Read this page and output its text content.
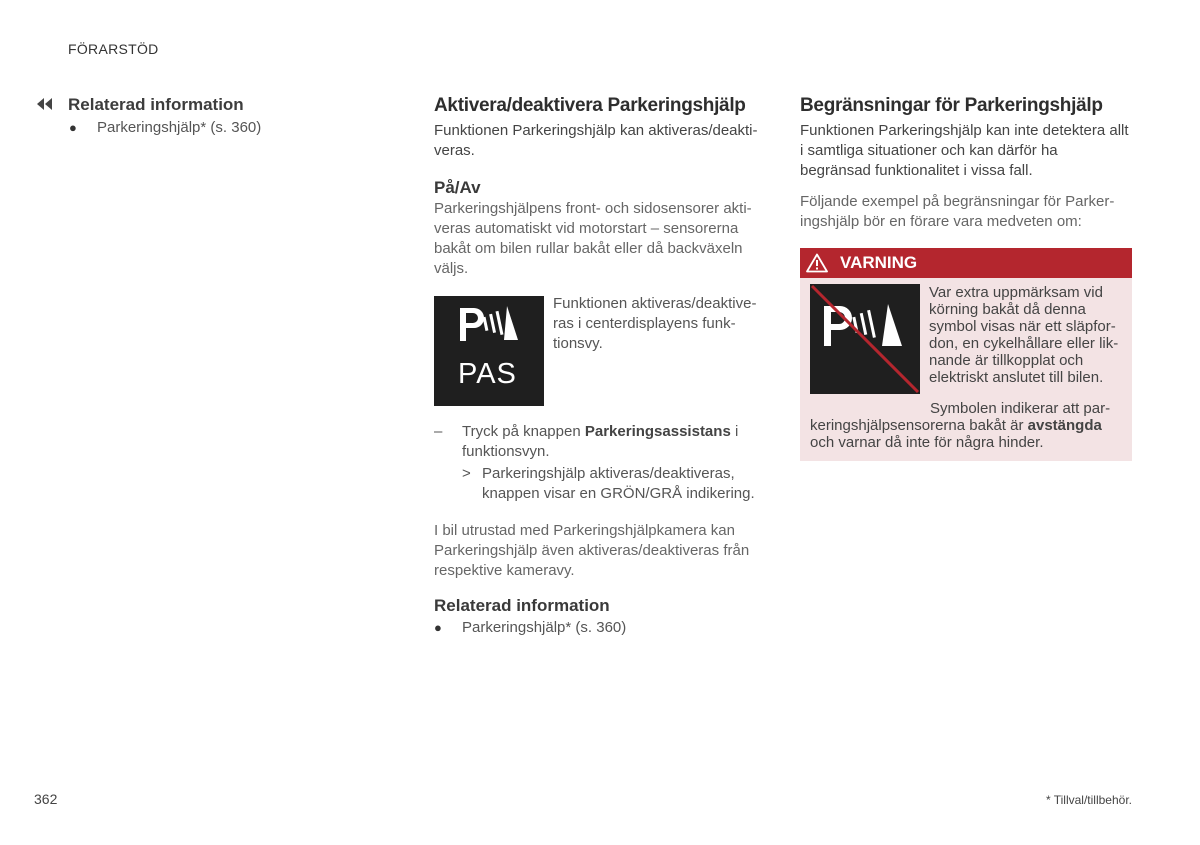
FÖRARSTÖD
Relaterad information
●	Parkeringshjälp* (s. 360)
Aktivera/deaktivera Parkeringshjälp

Funktionen Parkeringshjälp kan aktiveras/deakti-veras.

På/Av

Parkeringshjälpens front- och sidosensorer akti-veras automatiskt vid motorstart – sensorerna bakåt om bilen rullar bakåt eller då backväxeln väljs.

PAS

Funktionen aktiveras/deaktive-ras i centerdisplayens funk-tionsvy.

–	Tryck på knappen Parkeringsassistans i funktionsvyn.
> Parkeringshjälp aktiveras/deaktiveras, knappen visar en GRÖN/GRÅ indikering.

I bil utrustad med Parkeringshjälpkamera kan Parkeringshjälp även aktiveras/deaktiveras från respektive kameravy.

Relaterad information
●	Parkeringshjälp* (s. 360)
Begränsningar för Parkeringshjälp

Funktionen Parkeringshjälp kan inte detektera allt i samtliga situationer och kan därför ha begränsad funktionalitet i vissa fall.

Följande exempel på begränsningar för Parker-ingshjälp bör en förare vara medveten om:

VARNING

Var extra uppmärksam vid körning bakåt då denna symbol visas när ett släpfor-don, en cykelhållare eller lik-nande är tillkopplat och elektriskt anslutet till bilen.

Symbolen indikerar att par-keringshjälpsensorerna bakåt är avstängda och varnar då inte för några hinder.

362	* Tillval/tillbehör.
